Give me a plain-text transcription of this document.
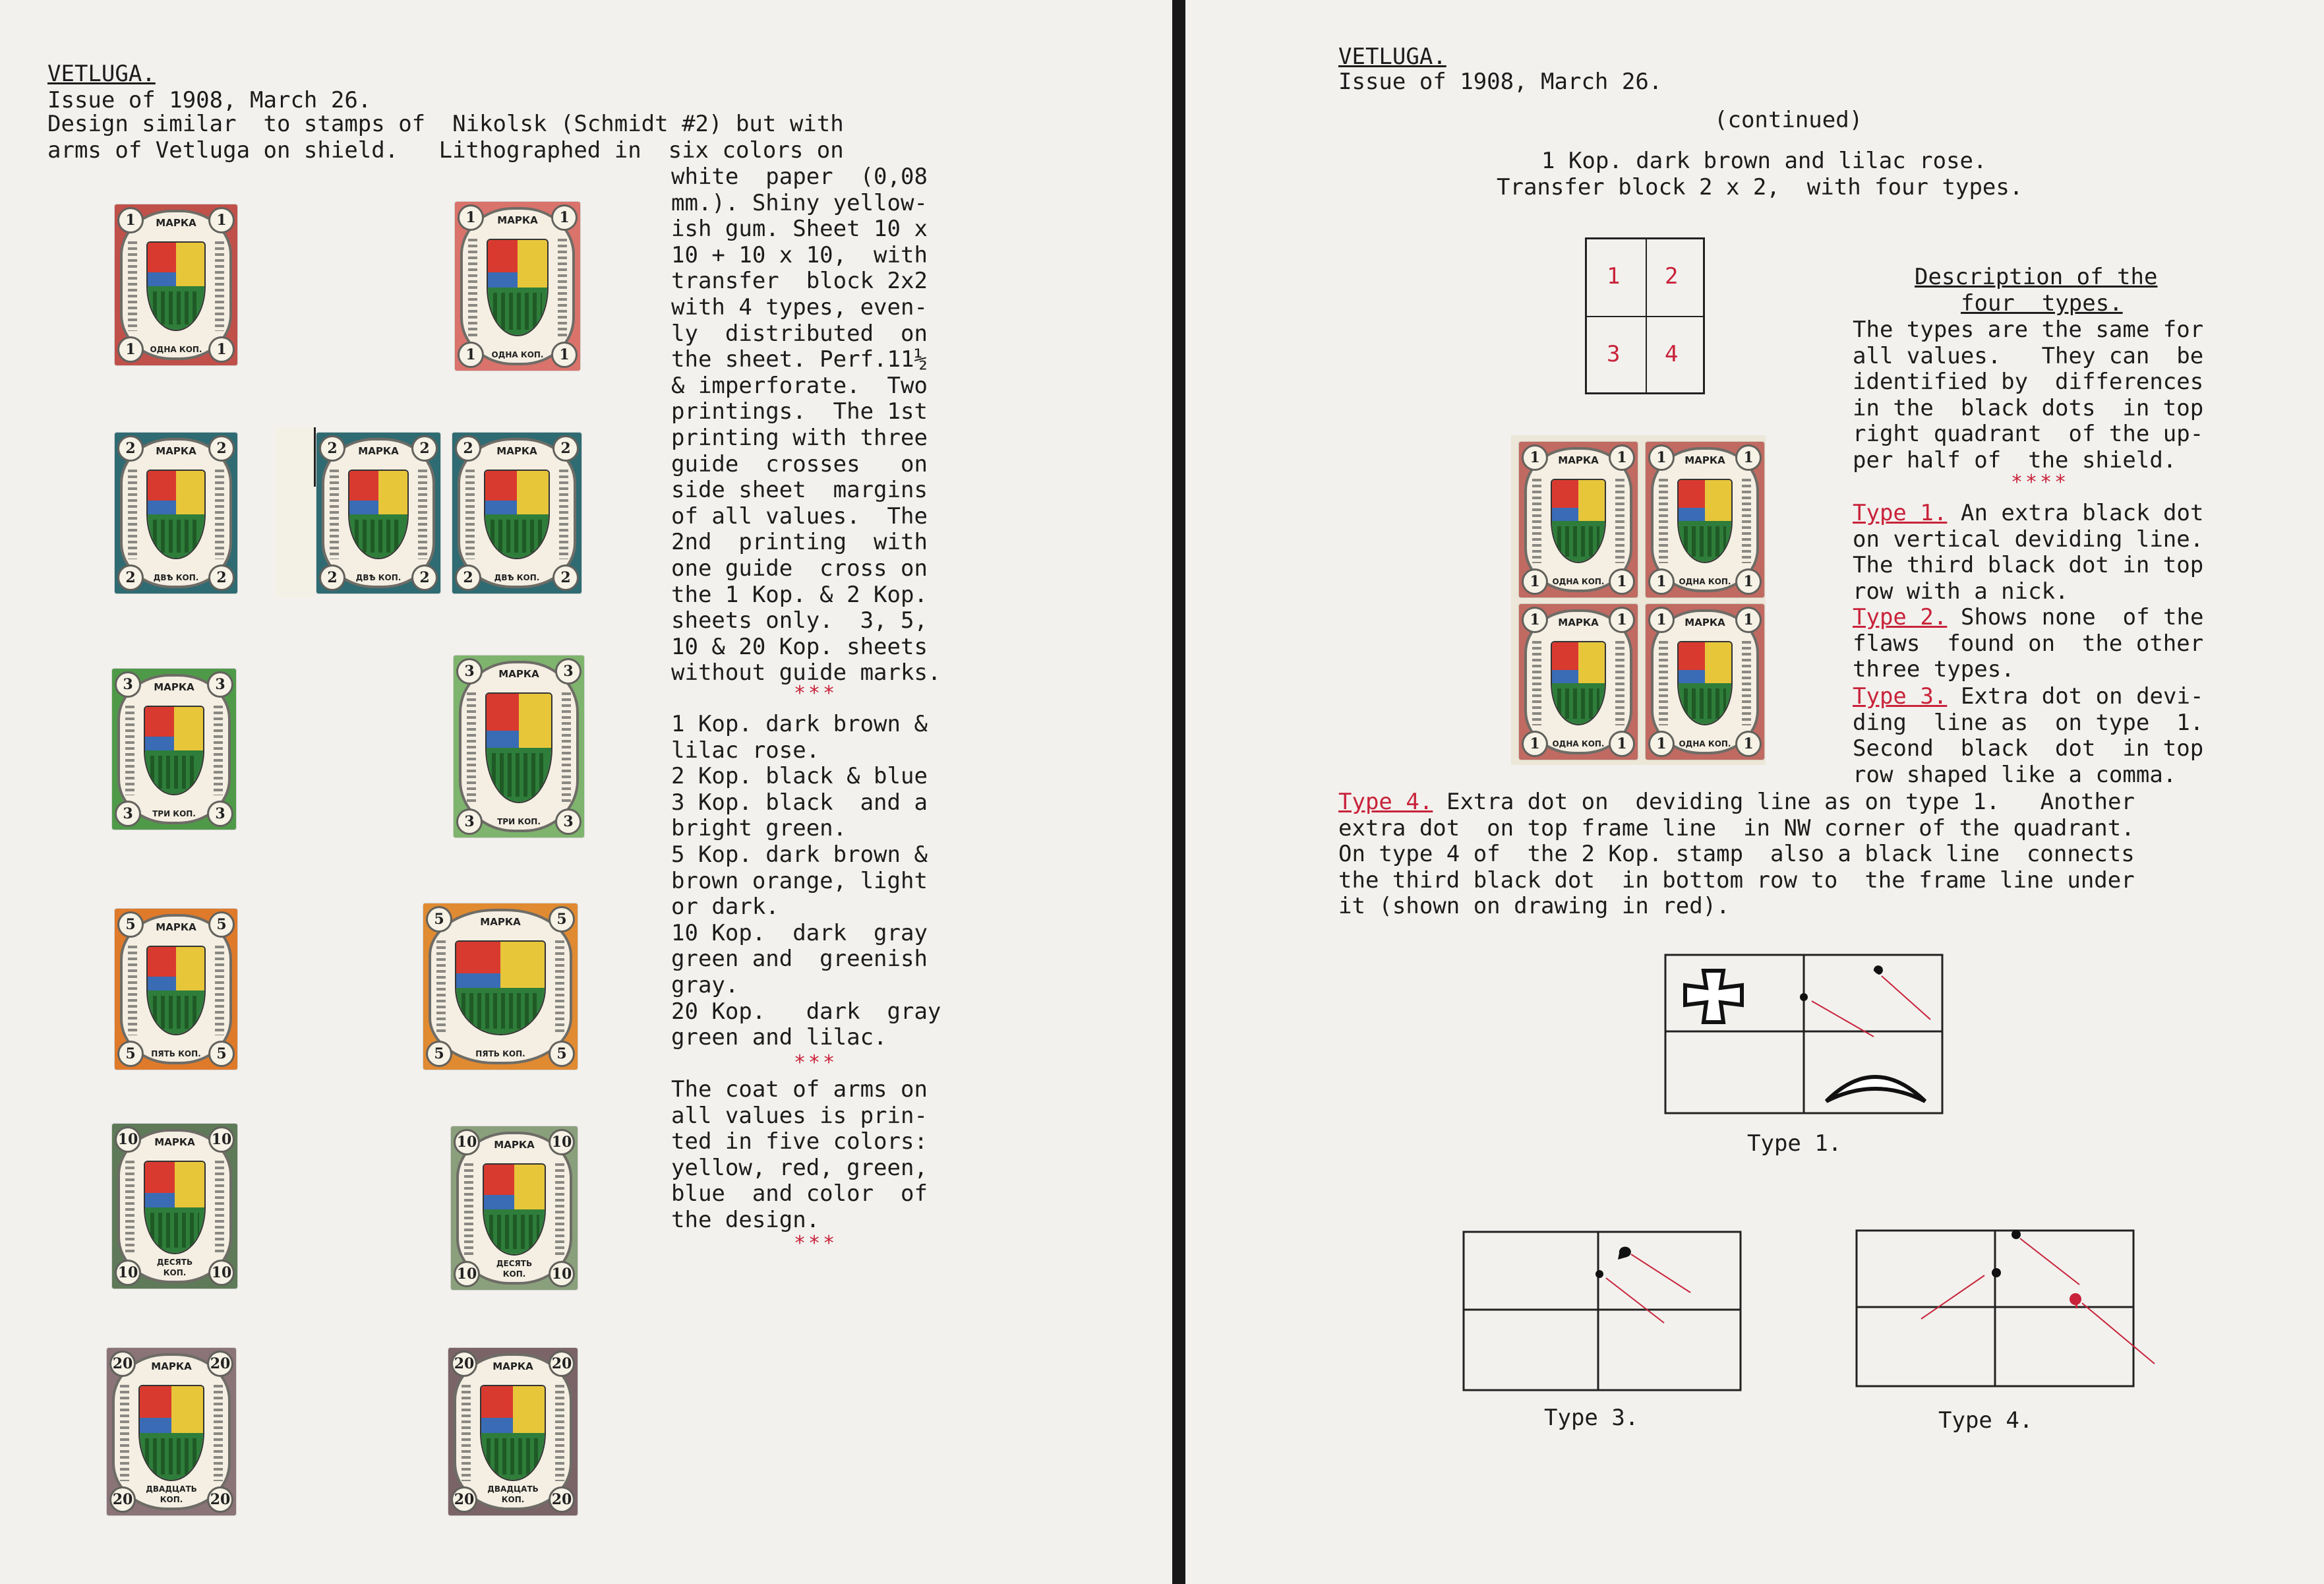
VETLUGA.

Issue of 1908, March 26.

Design similar  to stamps of  Nikolsk (Schmidt #2) but with

arms of Vetluga on shield.   Lithographed in  six colors on

white  paper  (0,08

mm.). Shiny yellow-

ish gum. Sheet 10 x

10 + 10 x 10,  with

transfer  block 2x2

with 4 types, even-

ly  distributed  on

the sheet. Perf.11½

& imperforate.  Two

printings.  The 1st

printing with three

guide  crosses   on

side sheet  margins

of all values.  The

2nd  printing  with

one guide  cross on

the 1 Kop. & 2 Kop.

sheets only.  3, 5,

10 & 20 Kop. sheets

without guide marks.

1 Kop. dark brown &

lilac rose.

2 Kop. black & blue

3 Kop. black  and a

bright green.

5 Kop. dark brown &

brown orange, light

or dark.

10 Kop.  dark  gray

green and  greenish

gray.

20 Kop.   dark  gray

green and lilac.

The coat of arms on

all values is prin-

ted in five colors:

yellow, red, green,

blue  and color  of

the design.

1	1
1	1
МАРКА
ОДНА КОП.
1	1
1	1
МАРКА
ОДНА КОП.
2	2
2	2
МАРКА
ДВѢ КОП.
2	2
2	2
МАРКА
ДВѢ КОП.
2	2
2	2
МАРКА
ДВѢ КОП.
3	3
3	3
МАРКА
ТРИ КОП.
3	3
3	3
МАРКА
ТРИ КОП.
5	5
5	5
МАРКА
ПЯТЬ КОП.
5	5
5	5
МАРКА
ПЯТЬ КОП.
10	10
10	10
МАРКА
ДЕСЯТЬ КОП.
10	10
10	10
МАРКА
ДЕСЯТЬ КОП.
20	20
20	20
МАРКА
ДВАДЦАТЬ КОП.
20	20
20	20
МАРКА
ДВАДЦАТЬ КОП.

***

***

***

VETLUGA.

Issue of 1908, March 26.

(continued)

1 Kop. dark brown and lilac rose.

Transfer block 2 x 2,  with four types.

1 2
3 4
1	1
1	1
МАРКА
ОДНА КОП.
1	1
1	1
МАРКА
ОДНА КОП.
1	1
1	1
МАРКА
ОДНА КОП.
1	1
1	1
МАРКА
ОДНА КОП.

Description of the

four  types.

The types are the same for

all values.   They can  be

identified by  differences

in the  black dots  in top

right quadrant  of the up-

per half of  the shield.

****

Type 1. An extra black dot

on vertical deviding line.

The third black dot in top

row with a nick.

Type 2. Shows none  of the

flaws  found on  the other

three types.

Type 3. Extra dot on devi-

ding  line as  on type  1.

Second  black  dot  in top

row shaped like a comma.

Type 4. Extra dot on  deviding line as on type 1.   Another

extra dot  on top frame line  in NW corner of the quadrant.

On type 4 of  the 2 Kop. stamp  also a black line  connects

the third black dot  in bottom row to  the frame line under

it (shown on drawing in red).

Type 1.

Type 3.	Type 4.
